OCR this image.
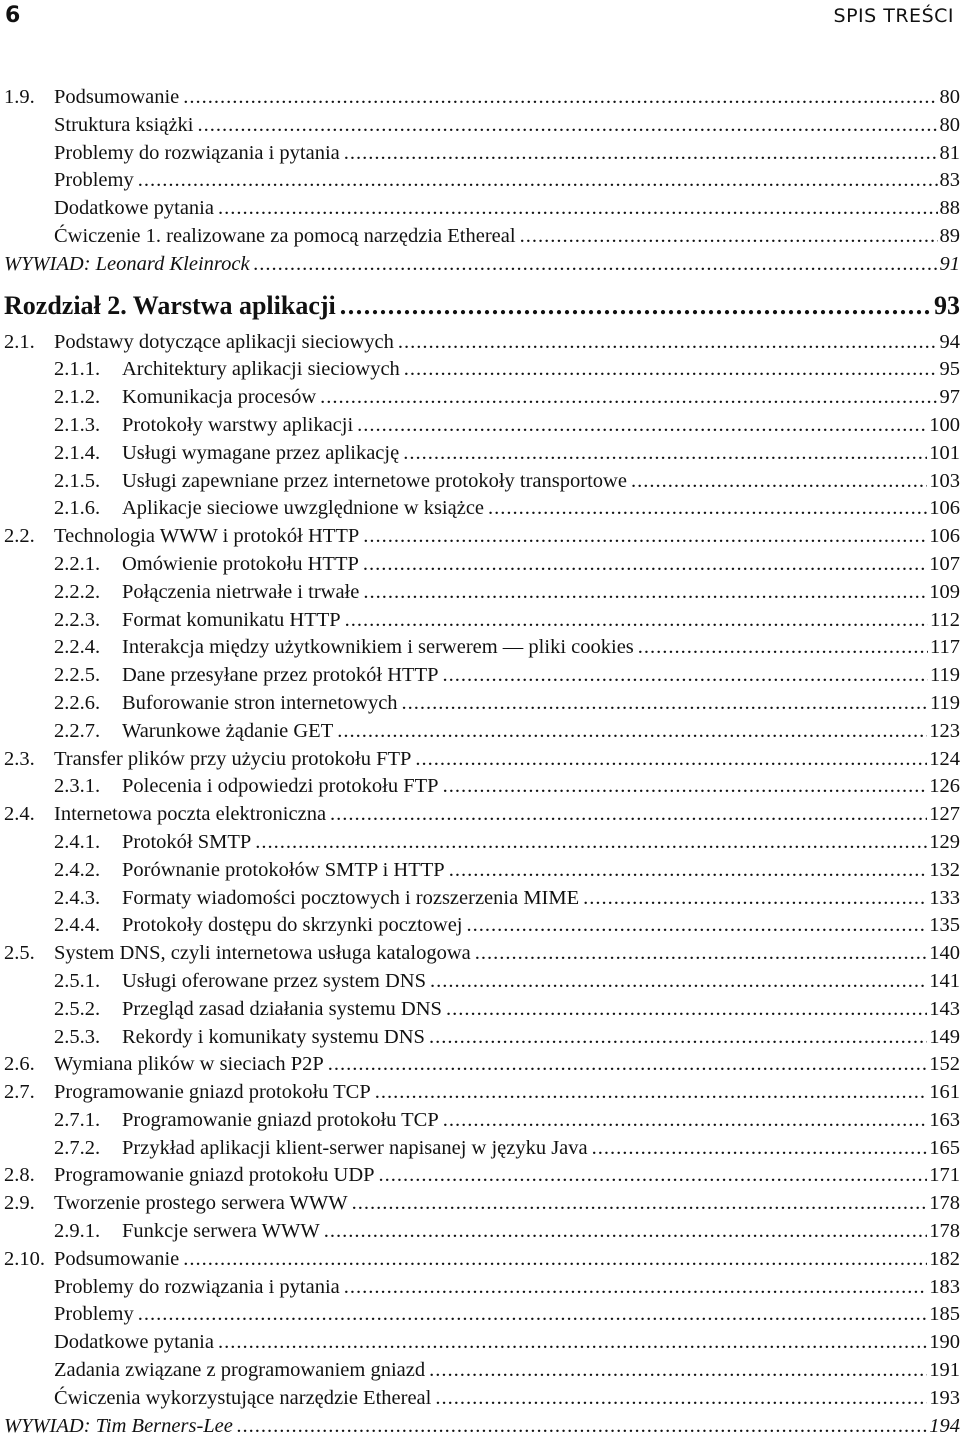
6	SPIS TREŚCI
1.9. Podsumowanie .....	80
Struktura książki .....	80
Problemy do rozwiązania i pytania .....	81
Problemy .....	83
Dodatkowe pytania .....	88
Ćwiczenie 1. realizowane za pomocą narzędzia Ethereal .....	89
WYWIAD: Leonard Kleinrock .....	91
Rozdział 2. Warstwa aplikacji .....	93
2.1. Podstawy dotyczące aplikacji sieciowych .....	94
2.1.1. Architektury aplikacji sieciowych .....	95
2.1.2. Komunikacja procesów .....	97
2.1.3. Protokoły warstwy aplikacji .....	100
2.1.4. Usługi wymagane przez aplikację .....	101
2.1.5. Usługi zapewniane przez internetowe protokoły transportowe .....	103
2.1.6. Aplikacje sieciowe uwzględnione w książce .....	106
2.2. Technologia WWW i protokół HTTP .....	106
2.2.1. Omówienie protokołu HTTP .....	107
2.2.2. Połączenia nietrwałe i trwałe .....	109
2.2.3. Format komunikatu HTTP .....	112
2.2.4. Interakcja między użytkownikiem i serwerem — pliki cookies .....	117
2.2.5. Dane przesyłane przez protokół HTTP .....	119
2.2.6. Buforowanie stron internetowych .....	119
2.2.7. Warunkowe żądanie GET .....	123
2.3. Transfer plików przy użyciu protokołu FTP .....	124
2.3.1. Polecenia i odpowiedzi protokołu FTP .....	126
2.4. Internetowa poczta elektroniczna .....	127
2.4.1. Protokół SMTP .....	129
2.4.2. Porównanie protokołów SMTP i HTTP .....	132
2.4.3. Formaty wiadomości pocztowych i rozszerzenia MIME .....	133
2.4.4. Protokoły dostępu do skrzynki pocztowej .....	135
2.5. System DNS, czyli internetowa usługa katalogowa .....	140
2.5.1. Usługi oferowane przez system DNS .....	141
2.5.2. Przegląd zasad działania systemu DNS .....	143
2.5.3. Rekordy i komunikaty systemu DNS .....	149
2.6. Wymiana plików w sieciach P2P .....	152
2.7. Programowanie gniazd protokołu TCP .....	161
2.7.1. Programowanie gniazd protokołu TCP .....	163
2.7.2. Przykład aplikacji klient-serwer napisanej w języku Java .....	165
2.8. Programowanie gniazd protokołu UDP .....	171
2.9. Tworzenie prostego serwera WWW .....	178
2.9.1. Funkcje serwera WWW .....	178
2.10. Podsumowanie .....	182
Problemy do rozwiązania i pytania .....	183
Problemy .....	185
Dodatkowe pytania .....	190
Zadania związane z programowaniem gniazd .....	191
Ćwiczenia wykorzystujące narzędzie Ethereal .....	193
WYWIAD: Tim Berners-Lee .....	194
